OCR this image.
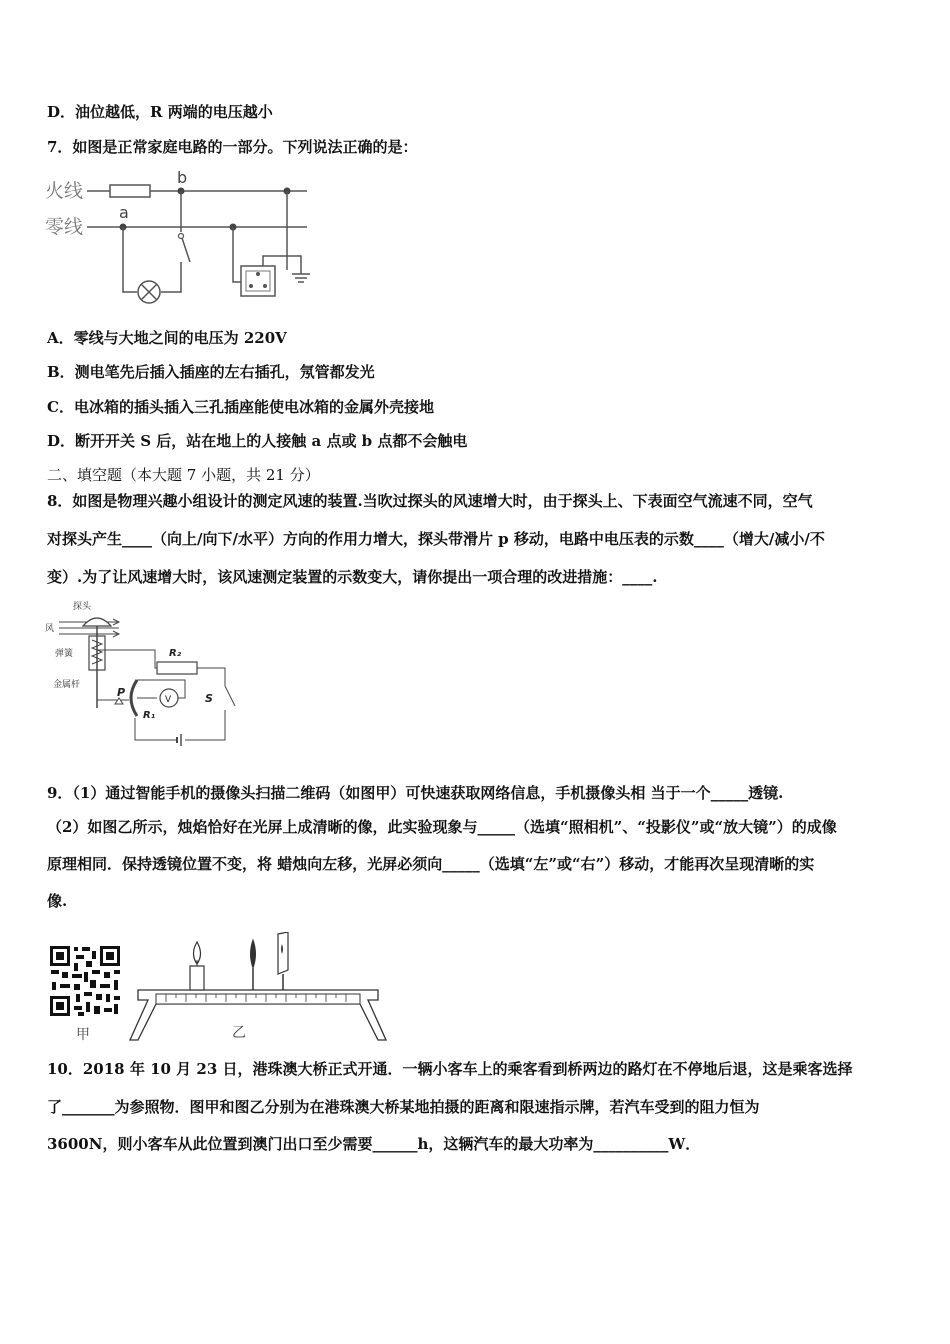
D．油位越低，R 两端的电压越小
7．如图是正常家庭电路的一部分。下列说法正确的是：
火线
零线
b
a
A．零线与大地之间的电压为 220V
B．测电笔先后插入插座的左右插孔，氖管都发光
C．电冰箱的插头插入三孔插座能使电冰箱的金属外壳接地
D．断开开关 S 后，站在地上的人接触 a 点或 b 点都不会触电
二、填空题（本大题 7 小题，共 21 分）
8．如图是物理兴趣小组设计的测定风速的装置.当吹过探头的风速增大时，由于探头上、下表面空气流速不同，空气
对探头产生____（向上/向下/水平）方向的作用力增大，探头带滑片 p 移动，电路中电压表的示数____（增大/减小/不
变）.为了让风速增大时，该风速测定装置的示数变大，请你提出一项合理的改进措施：____.
探头
风
弹簧
金属杆
R₂
S
P
R₁
V
9．（1）通过智能手机的摄像头扫描二维码（如图甲）可快速获取网络信息，手机摄像头相 当于一个_____透镜.
（2）如图乙所示，烛焰恰好在光屏上成清晰的像，此实验现象与_____（选填“照相机”、“投影仪”或“放大镜”）的成像
原理相同．保持透镜位置不变，将 蜡烛向左移，光屏必须向_____（选填“左”或“右”）移动，才能再次呈现清晰的实
像.
甲	乙
10．2018 年 10 月 23 日，港珠澳大桥正式开通．一辆小客车上的乘客看到桥两边的路灯在不停地后退，这是乘客选择
了_______为参照物．图甲和图乙分别为在港珠澳大桥某地拍摄的距离和限速指示牌，若汽车受到的阻力恒为
3600N，则小客车从此位置到澳门出口至少需要______h，这辆汽车的最大功率为__________W．
